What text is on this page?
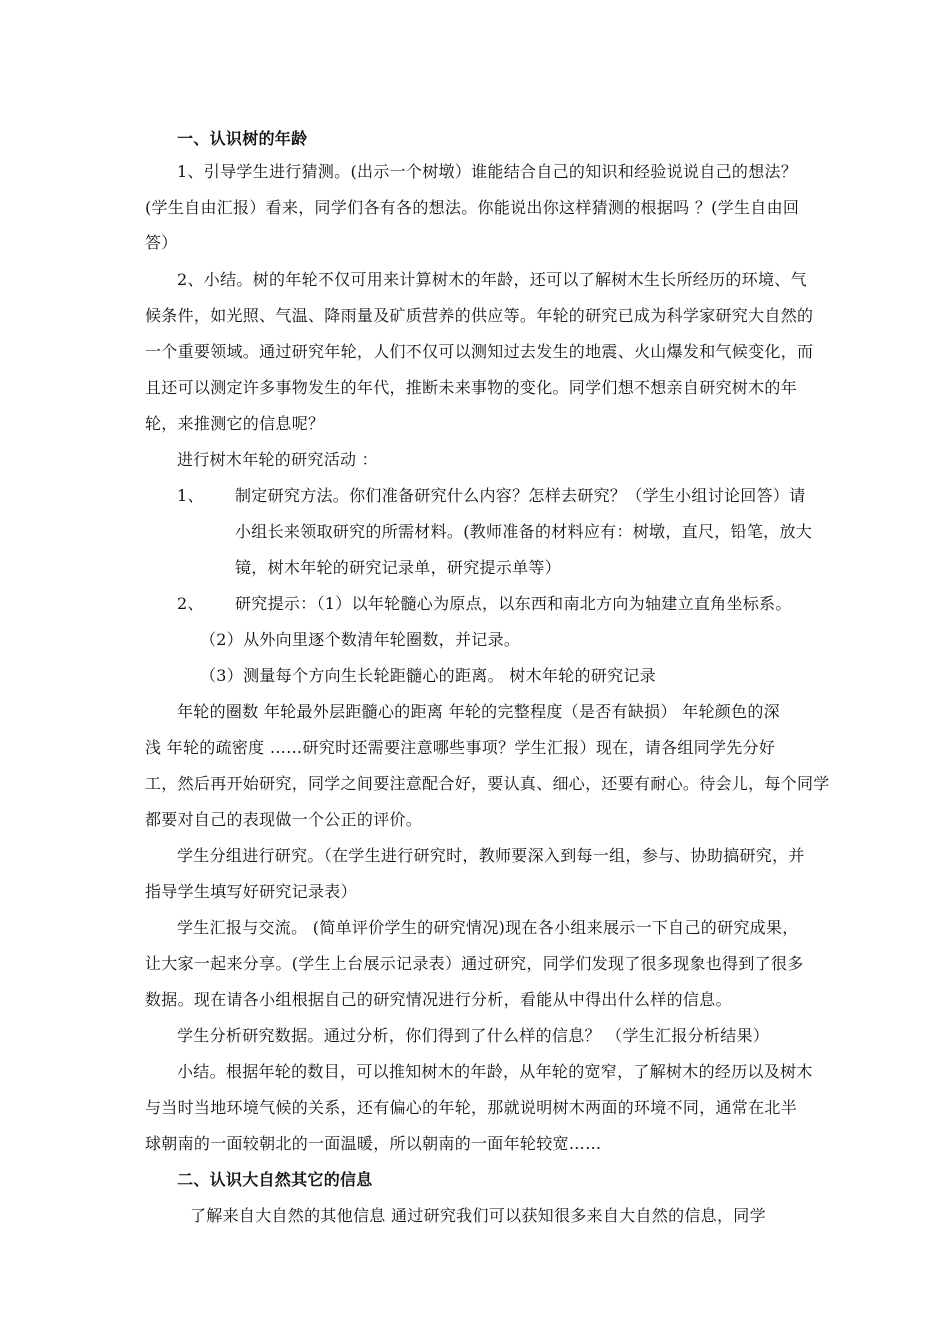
一、认识树的年龄
1、引导学生进行猜测。(出示一个树墩）谁能结合自己的知识和经验说说自己的想法？
(学生自由汇报）看来，同学们各有各的想法。你能说出你这样猜测的根据吗 ？(学生自由回
答）
2、小结。树的年轮不仅可用来计算树木的年龄，还可以了解树木生长所经历的环境、气
候条件，如光照、气温、降雨量及矿质营养的供应等。年轮的研究已成为科学家研究大自然的
一个重要领域。通过研究年轮，人们不仅可以测知过去发生的地震、火山爆发和气候变化，而
且还可以测定许多事物发生的年代，推断未来事物的变化。同学们想不想亲自研究树木的年
轮，来推测它的信息呢？
进行树木年轮的研究活动 ：
1、 制定研究方法。你们准备研究什么内容？怎样去研究？（学生小组讨论回答）请
小组长来领取研究的所需材料。(教师准备的材料应有：树墩，直尺，铅笔，放大
镜，树木年轮的研究记录单，研究提示单等）
2、 研究提示：（1）以年轮髓心为原点，以东西和南北方向为轴建立直角坐标系。
（2）从外向里逐个数清年轮圈数，并记录。
（3）测量每个方向生长轮距髓心的距离。 树木年轮的研究记录
年轮的圈数 年轮最外层距髓心的距离 年轮的完整程度（是否有缺损） 年轮颜色的深
浅 年轮的疏密度 ……研究时还需要注意哪些事项？学生汇报）现在，请各组同学先分好
工，然后再开始研究，同学之间要注意配合好，要认真、细心，还要有耐心。待会儿，每个同学
都要对自己的表现做一个公正的评价。
学生分组进行研究。（在学生进行研究时，教师要深入到每一组，参与、协助搞研究，并
指导学生填写好研究记录表）
学生汇报与交流。 (简单评价学生的研究情况)现在各小组来展示一下自己的研究成果，
让大家一起来分享。(学生上台展示记录表）通过研究，同学们发现了很多现象也得到了很多
数据。现在请各小组根据自己的研究情况进行分析，看能从中得出什么样的信息。
学生分析研究数据。通过分析，你们得到了什么样的信息？ （学生汇报分析结果）
小结。根据年轮的数目，可以推知树木的年龄，从年轮的宽窄，了解树木的经历以及树木
与当时当地环境气候的关系，还有偏心的年轮，那就说明树木两面的环境不同，通常在北半
球朝南的一面较朝北的一面温暖，所以朝南的一面年轮较宽……
二、认识大自然其它的信息
了解来自大自然的其他信息 通过研究我们可以获知很多来自大自然的信息，同学
